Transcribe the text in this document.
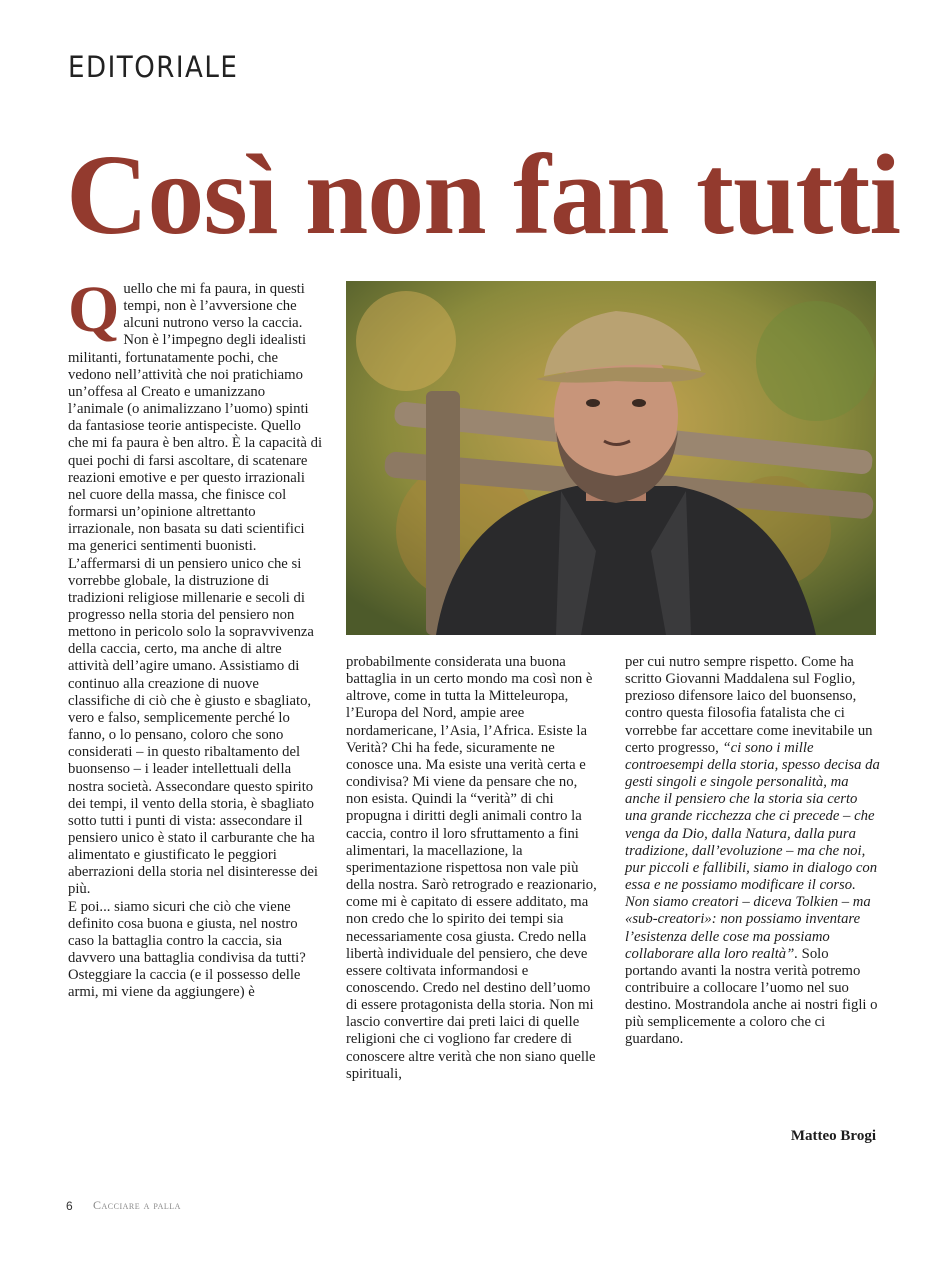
EDITORIALE
Così non fan tutti

Quello che mi fa paura, in questi tempi, non è l’avversione che alcuni nutrono verso la caccia. Non è l’impegno degli idealisti militanti, fortunatamente pochi, che vedono nell’attività che noi pratichiamo un’offesa al Creato e umanizzano l’animale (o animalizzano l’uomo) spinti da fantasiose teorie antispeciste. Quello che mi fa paura è ben altro. È la capacità di quei pochi di farsi ascoltare, di scatenare reazioni emotive e per questo irrazionali nel cuore della massa, che finisce col formarsi un’opinione altrettanto irrazionale, non basata su dati scientifici ma generici sentimenti buonisti.

L’affermarsi di un pensiero unico che si vorrebbe globale, la distruzione di tradizioni religiose millenarie e secoli di progresso nella storia del pensiero non mettono in pericolo solo la sopravvivenza della caccia, certo, ma anche di altre attività dell’agire umano. Assistiamo di continuo alla creazione di nuove classifiche di ciò che è giusto e sbagliato, vero e falso, semplicemente perché lo fanno, o lo pensano, coloro che sono considerati – in questo ribaltamento del buonsenso – i leader intellettuali della nostra società. Assecondare questo spirito dei tempi, il vento della storia, è sbagliato sotto tutti i punti di vista: assecondare il pensiero unico è stato il carburante che ha alimentato e giustificato le peggiori aberrazioni della storia nel disinteresse dei più.

E poi... siamo sicuri che ciò che viene definito cosa buona e giusta, nel nostro caso la battaglia contro la caccia, sia davvero una battaglia condivisa da tutti? Osteggiare la caccia (e il possesso delle armi, mi viene da aggiungere) è

probabilmente considerata una buona battaglia in un certo mondo ma così non è altrove, come in tutta la Mitteleuropa, l’Europa del Nord, ampie aree nordamericane, l’Asia, l’Africa. Esiste la Verità? Chi ha fede, sicuramente ne conosce una. Ma esiste una verità certa e condivisa? Mi viene da pensare che no, non esista. Quindi la “verità” di chi propugna i diritti degli animali contro la caccia, contro il loro sfruttamento a fini alimentari, la macellazione, la sperimentazione rispettosa non vale più della nostra. Sarò retrogrado e reazionario, come mi è capitato di essere additato, ma non credo che lo spirito dei tempi sia necessariamente cosa giusta. Credo nella libertà individuale del pensiero, che deve essere coltivata informandosi e conoscendo. Credo nel destino dell’uomo di essere protagonista della storia. Non mi lascio convertire dai preti laici di quelle religioni che ci vogliono far credere di conoscere altre verità che non siano quelle spirituali,

per cui nutro sempre rispetto. Come ha scritto Giovanni Maddalena sul Foglio, prezioso difensore laico del buonsenso, contro questa filosofia fatalista che ci vorrebbe far accettare come inevitabile un certo progresso, “ci sono i mille controesempi della storia, spesso decisa da gesti singoli e singole personalità, ma anche il pensiero che la storia sia certo una grande ricchezza che ci precede – che venga da Dio, dalla Natura, dalla pura tradizione, dall’evoluzione – ma che noi, pur piccoli e fallibili, siamo in dialogo con essa e ne possiamo modificare il corso. Non siamo creatori – diceva Tolkien – ma «sub-creatori»: non possiamo inventare l’esistenza delle cose ma possiamo collaborare alla loro realtà”. Solo portando avanti la nostra verità potremo contribuire a collocare l’uomo nel suo destino. Mostrandola anche ai nostri figli o più semplicemente a coloro che ci guardano.

Matteo Brogi

6 Cacciare a palla
